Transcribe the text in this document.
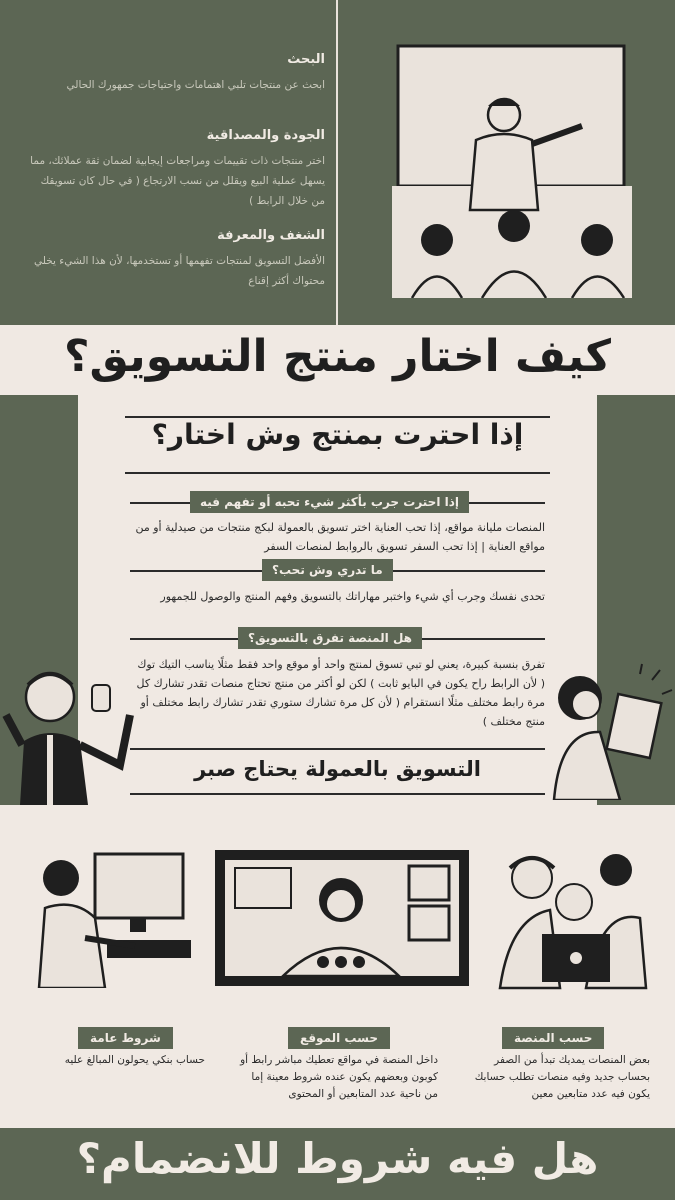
البحث

ابحث عن منتجات تلبي اهتمامات واحتياجات جمهورك الحالي

الجودة والمصداقية

اختر منتجات ذات تقييمات ومراجعات إيجابية لضمان ثقة عملائك، مما يسهل عملية البيع ويقلل من نسب الارتجاع ( في حال كان تسويقك من خلال الرابط )

الشغف والمعرفة

الأفضل التسويق لمنتجات تفهمها أو تستخدمها، لأن هذا الشيء يخلي محتواك أكثر إقناع

كيف اختار منتج التسويق؟
إذا احترت بمنتج وش اختار؟
إذا احترت جرب بأكثر شيء تحبه أو تفهم فيه
المنصات مليانة مواقع، إذا تحب العناية اختر تسويق بالعمولة لبكج منتجات من صيدلية أو من مواقع العناية | إذا تحب السفر تسويق بالروابط لمنصات السفر
ما تدري وش تحب؟
تحدى نفسك وجرب أي شيء واختبر مهاراتك بالتسويق وفهم المنتج والوصول للجمهور
هل المنصة تفرق بالتسويق؟
تفرق بنسبة كبيرة، يعني لو تبي تسوق لمنتج واحد أو موقع واحد فقط مثلًا يناسب التيك توك ( لأن الرابط راح يكون في البايو ثابت ) لكن لو أكثر من منتج تحتاج منصات تقدر تشارك كل مرة رابط مختلف مثلًا انستقرام ( لأن كل مرة تشارك ستوري تقدر تشارك رابط مختلف أو منتج مختلف )
التسويق بالعمولة يحتاج صبر
حسب المنصة
بعض المنصات يمديك تبدأ من الصفر بحساب جديد وفيه منصات تطلب حسابك يكون فيه عدد متابعين معين
حسب الموقع
داخل المنصة في مواقع تعطيك مباشر رابط أو كوبون وبعضهم يكون عنده شروط معينة إما من ناحية عدد المتابعين أو المحتوى
شروط عامة
حساب بنكي يحولون المبالغ عليه
هل فيه شروط للانضمام؟
